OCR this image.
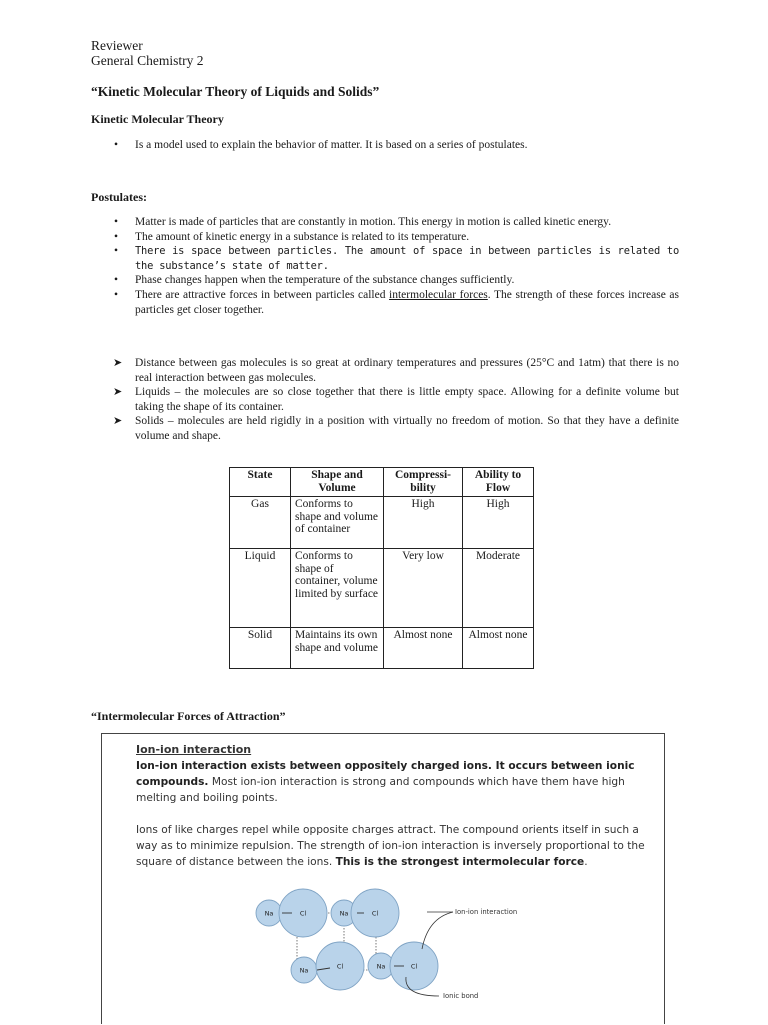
Reviewer
General Chemistry 2
“Kinetic Molecular Theory of Liquids and Solids”
Kinetic Molecular Theory
• Is a model used to explain the behavior of matter. It is based on a series of postulates.
Postulates:
• Matter is made of particles that are constantly in motion. This energy in motion is called kinetic energy.
• The amount of kinetic energy in a substance is related to its temperature.
• There is space between particles. The amount of space in between particles is related to the substance’s state of matter.
• Phase changes happen when the temperature of the substance changes sufficiently.
• There are attractive forces in between particles called intermolecular forces. The strength of these forces increase as particles get closer together.
➤ Distance between gas molecules is so great at ordinary temperatures and pressures (25°C and 1atm) that there is no real interaction between gas molecules.
➤ Liquids – the molecules are so close together that there is little empty space. Allowing for a definite volume but taking the shape of its container.
➤ Solids – molecules are held rigidly in a position with virtually no freedom of motion. So that they have a definite volume and shape.
State	Shape and Volume	Compressi-bility	Ability to Flow
Gas	Conforms to shape and volume of container	High	High
Liquid	Conforms to shape of container, volume limited by surface	Very low	Moderate
Solid	Maintains its own shape and volume	Almost none	Almost none
“Intermolecular Forces of Attraction”
Ion-ion interaction
Ion-ion interaction exists between oppositely charged ions. It occurs between ionic compounds. Most ion-ion interaction is strong and compounds which have them have high melting and boiling points.
Ions of like charges repel while opposite charges attract. The compound orients itself in such a way as to minimize repulsion. The strength of ion-ion interaction is inversely proportional to the square of distance between the ions. This is the strongest intermolecular force.
Na	Cl	Na	Cl
Na	Cl	Na	Cl
Ion-ion interaction
Ionic bond
